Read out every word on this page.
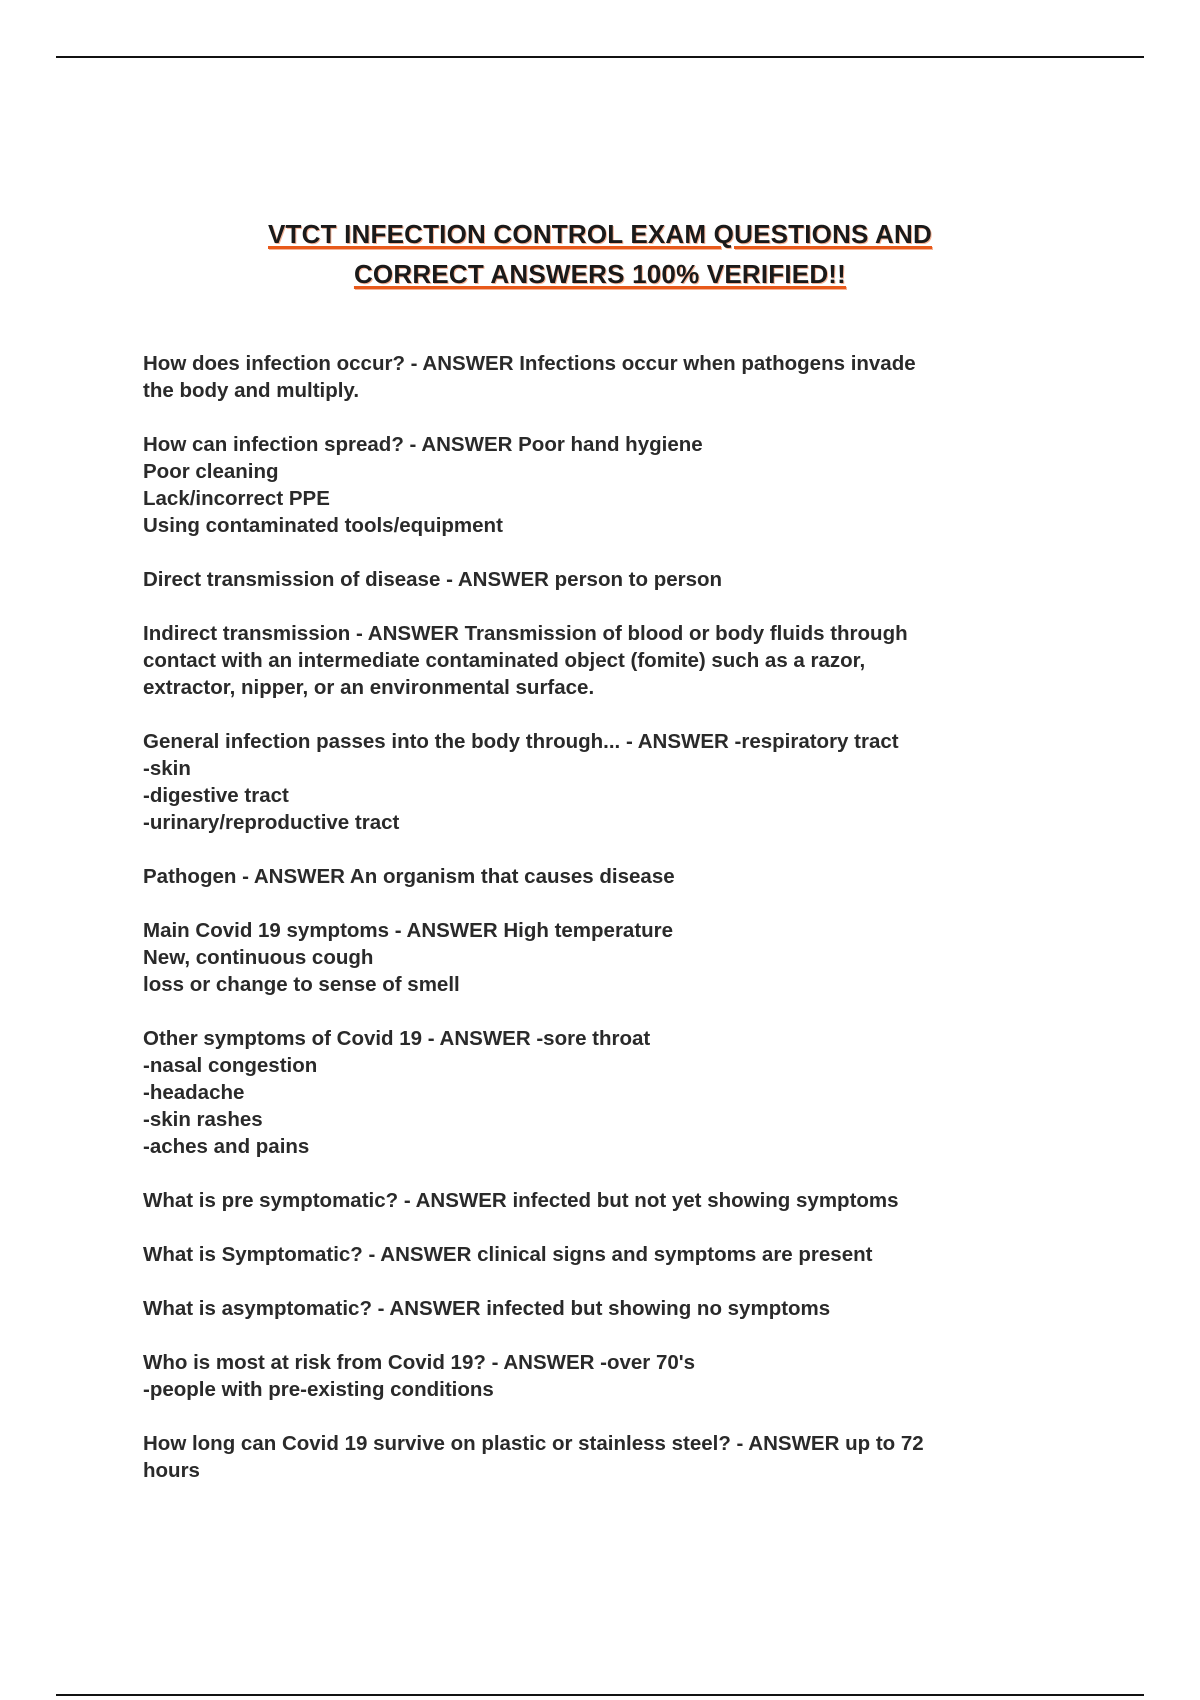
VTCT INFECTION CONTROL EXAM QUESTIONS AND
CORRECT ANSWERS 100% VERIFIED!!
How does infection occur? - ANSWER Infections occur when pathogens invade
the body and multiply.
How can infection spread? - ANSWER Poor hand hygiene
Poor cleaning
Lack/incorrect PPE
Using contaminated tools/equipment
Direct transmission of disease - ANSWER person to person
Indirect transmission - ANSWER Transmission of blood or body fluids through
contact with an intermediate contaminated object (fomite) such as a razor,
extractor, nipper, or an environmental surface.
General infection passes into the body through... - ANSWER -respiratory tract
-skin
-digestive tract
-urinary/reproductive tract
Pathogen - ANSWER An organism that causes disease
Main Covid 19 symptoms - ANSWER High temperature
New, continuous cough
loss or change to sense of smell
Other symptoms of Covid 19 - ANSWER -sore throat
-nasal congestion
-headache
-skin rashes
-aches and pains
What is pre symptomatic? - ANSWER infected but not yet showing symptoms
What is Symptomatic? - ANSWER clinical signs and symptoms are present
What is asymptomatic? - ANSWER infected but showing no symptoms
Who is most at risk from Covid 19? - ANSWER -over 70's
-people with pre-existing conditions
How long can Covid 19 survive on plastic or stainless steel? - ANSWER up to 72
hours
